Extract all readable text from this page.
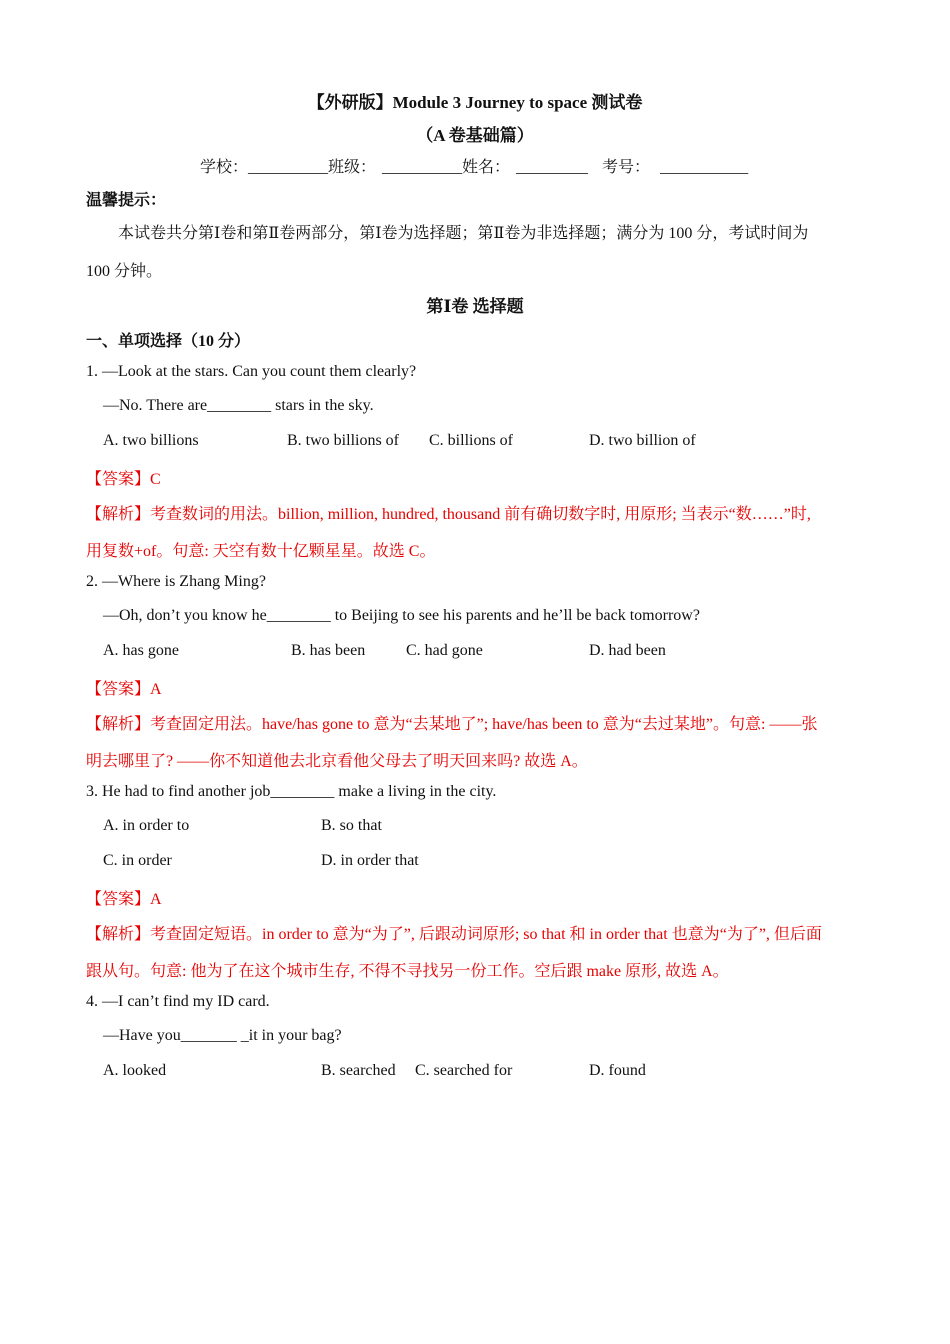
【外研版】Module 3 Journey to space 测试卷
（A 卷基础篇）
学校：__________班级： __________姓名： _________ 考号： ___________
温馨提示：
本试卷共分第Ⅰ卷和第Ⅱ卷两部分，第Ⅰ卷为选择题；第Ⅱ卷为非选择题；满分为 100 分，考试时间为
100 分钟。
第Ⅰ卷 选择题
一、单项选择（10 分）
1. —Look at the stars. Can you count them clearly?
—No. There are________ stars in the sky.
A. two billions	B. two billions of C. billions of	D. two billion of
【答案】C
【解析】考查数词的用法。billion, million, hundred, thousand 前有确切数字时, 用原形; 当表示“数……”时,
用复数+of。句意: 天空有数十亿颗星星。故选 C。
2. —Where is Zhang Ming?
—Oh, don’t you know he________ to Beijing to see his parents and he’ll be back tomorrow?
A. has gone	B. has been	C. had gone	D. had been
【答案】A
【解析】考查固定用法。have/has gone to 意为“去某地了”; have/has been to 意为“去过某地”。句意: ——张
明去哪里了? ——你不知道他去北京看他父母去了明天回来吗? 故选 A。
3. He had to find another job________ make a living in the city.
A. in order to	B. so that
C. in order	D. in order that
【答案】A
【解析】考查固定短语。in order to 意为“为了”, 后跟动词原形; so that 和 in order that 也意为“为了”, 但后面
跟从句。句意: 他为了在这个城市生存, 不得不寻找另一份工作。空后跟 make 原形, 故选 A。
4. —I can’t find my ID card.
—Have you_______ _it in your bag?
A. looked	B. searched C. searched for	D. found
